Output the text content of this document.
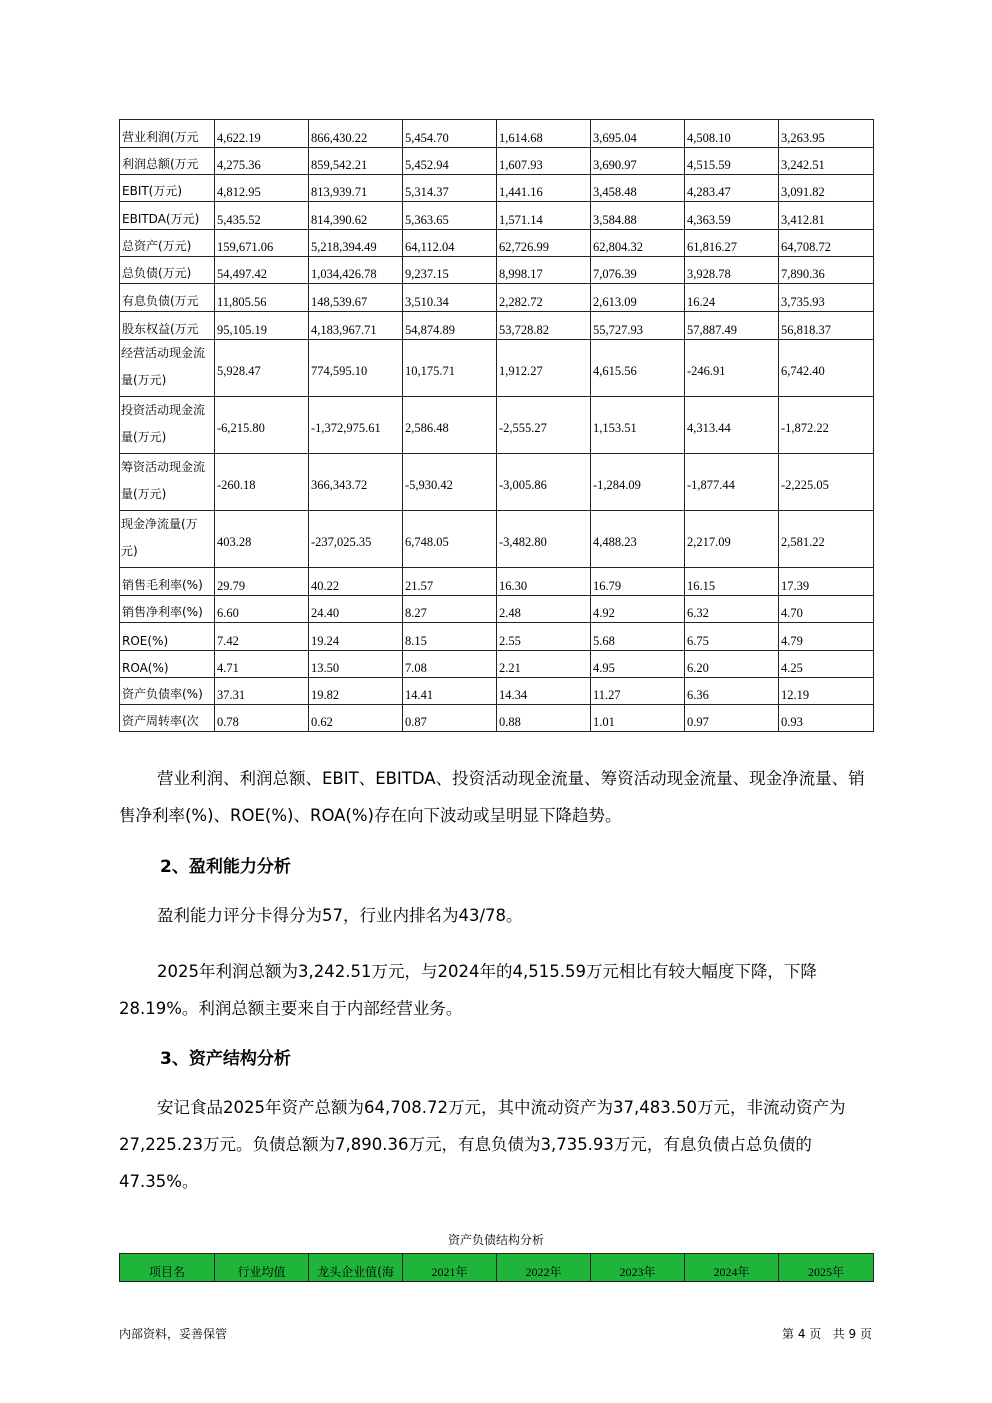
营业利润(万元	4,622.19	866,430.22	5,454.70	1,614.68	3,695.04	4,508.10	3,263.95
利润总额(万元	4,275.36	859,542.21	5,452.94	1,607.93	3,690.97	4,515.59	3,242.51
EBIT(万元)	4,812.95	813,939.71	5,314.37	1,441.16	3,458.48	4,283.47	3,091.82
EBITDA(万元)	5,435.52	814,390.62	5,363.65	1,571.14	3,584.88	4,363.59	3,412.81
总资产(万元)	159,671.06	5,218,394.49	64,112.04	62,726.99	62,804.32	61,816.27	64,708.72
总负债(万元)	54,497.42	1,034,426.78	9,237.15	8,998.17	7,076.39	3,928.78	7,890.36
有息负债(万元	11,805.56	148,539.67	3,510.34	2,282.72	2,613.09	16.24	3,735.93
股东权益(万元	95,105.19	4,183,967.71	54,874.89	53,728.82	55,727.93	57,887.49	56,818.37
经营活动现金流量(万元)	5,928.47	774,595.10	10,175.71	1,912.27	4,615.56	-246.91	6,742.40
投资活动现金流量(万元)	-6,215.80	-1,372,975.61	2,586.48	-2,555.27	1,153.51	4,313.44	-1,872.22
筹资活动现金流量(万元)	-260.18	366,343.72	-5,930.42	-3,005.86	-1,284.09	-1,877.44	-2,225.05
现金净流量(万元)	403.28	-237,025.35	6,748.05	-3,482.80	4,488.23	2,217.09	2,581.22
销售毛利率(%)	29.79	40.22	21.57	16.30	16.79	16.15	17.39
销售净利率(%)	6.60	24.40	8.27	2.48	4.92	6.32	4.70
ROE(%)	7.42	19.24	8.15	2.55	5.68	6.75	4.79
ROA(%)	4.71	13.50	7.08	2.21	4.95	6.20	4.25
资产负债率(%)	37.31	19.82	14.41	14.34	11.27	6.36	12.19
资产周转率(次	0.78	0.62	0.87	0.88	1.01	0.97	0.93

营业利润、利润总额、EBIT、EBITDA、投资活动现金流量、筹资活动现金流量、现金净流量、销售净利率(%)、ROE(%)、ROA(%)存在向下波动或呈明显下降趋势。

2、盈利能力分析

盈利能力评分卡得分为57，行业内排名为43/78。

2025年利润总额为3,242.51万元，与2024年的4,515.59万元相比有较大幅度下降，下降28.19%。利润总额主要来自于内部经营业务。

3、资产结构分析

安记食品2025年资产总额为64,708.72万元，其中流动资产为37,483.50万元，非流动资产为27,225.23万元。负债总额为7,890.36万元，有息负债为3,735.93万元，有息负债占总负债的47.35%。

资产负债结构分析
项目名	行业均值	龙头企业值(海	2021年	2022年	2023年	2024年	2025年
内部资料，妥善保管	第 4 页   共 9 页
